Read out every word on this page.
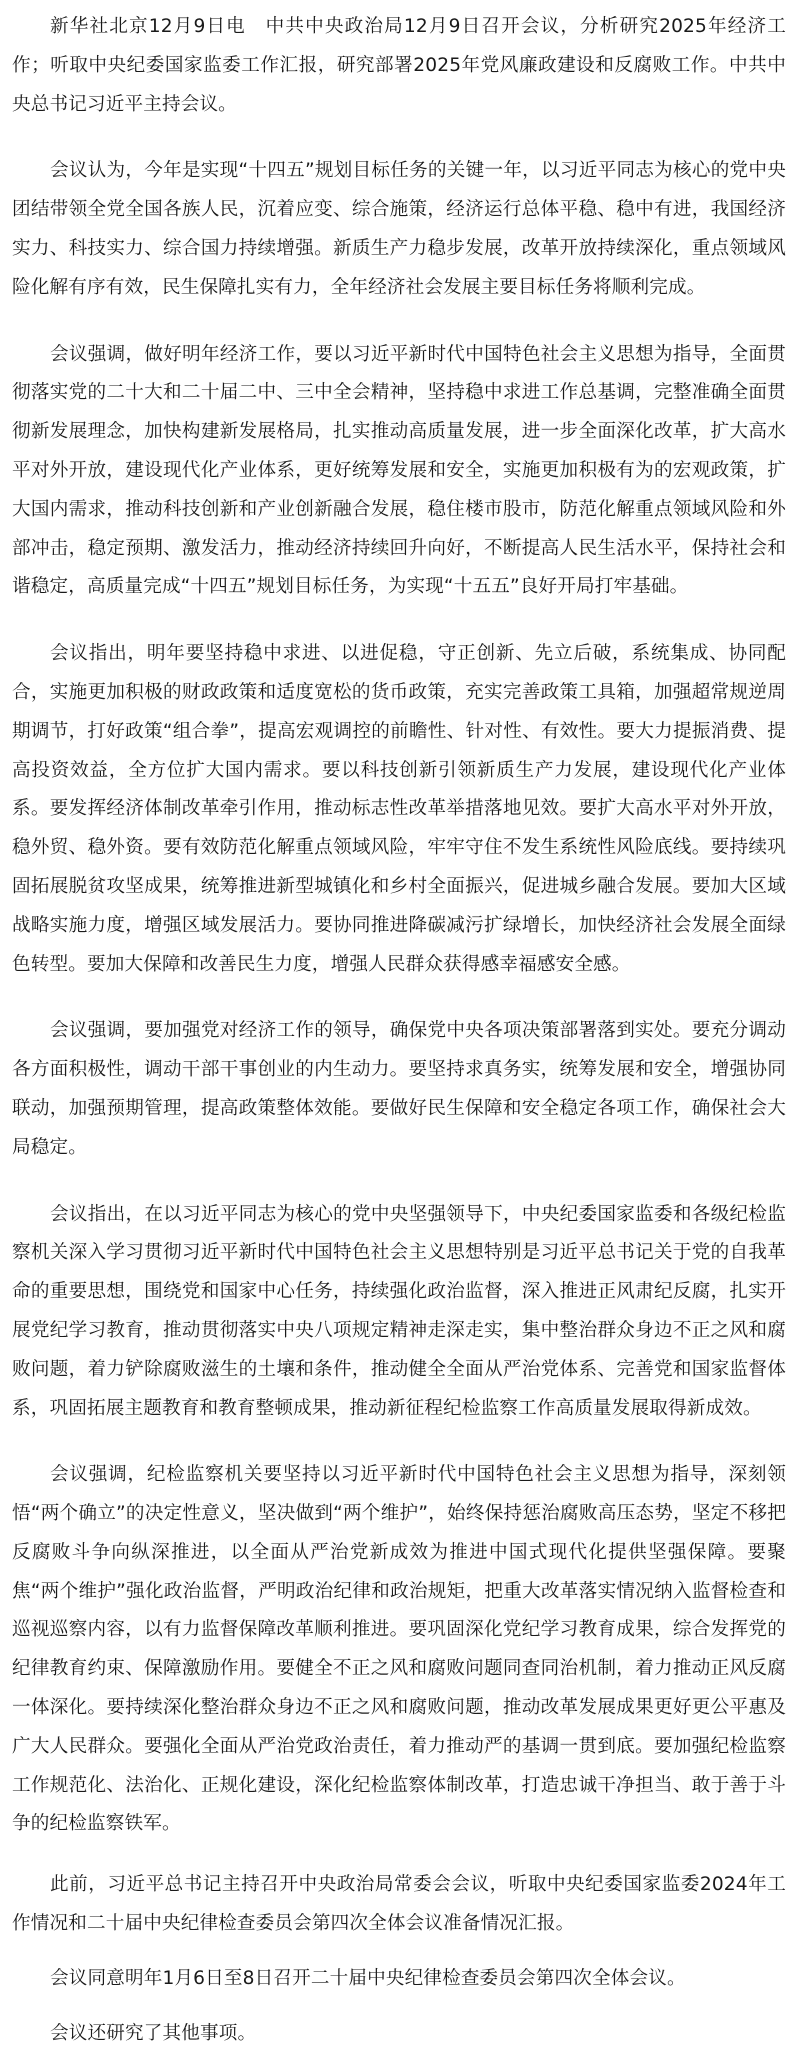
新华社北京12月9日电　中共中央政治局12月9日召开会议，分析研究2025年经济工作；听取中央纪委国家监委工作汇报，研究部署2025年党风廉政建设和反腐败工作。中共中央总书记习近平主持会议。

会议认为，今年是实现“十四五”规划目标任务的关键一年，以习近平同志为核心的党中央团结带领全党全国各族人民，沉着应变、综合施策，经济运行总体平稳、稳中有进，我国经济实力、科技实力、综合国力持续增强。新质生产力稳步发展，改革开放持续深化，重点领域风险化解有序有效，民生保障扎实有力，全年经济社会发展主要目标任务将顺利完成。

会议强调，做好明年经济工作，要以习近平新时代中国特色社会主义思想为指导，全面贯彻落实党的二十大和二十届二中、三中全会精神，坚持稳中求进工作总基调，完整准确全面贯彻新发展理念，加快构建新发展格局，扎实推动高质量发展，进一步全面深化改革，扩大高水平对外开放，建设现代化产业体系，更好统筹发展和安全，实施更加积极有为的宏观政策，扩大国内需求，推动科技创新和产业创新融合发展，稳住楼市股市，防范化解重点领域风险和外部冲击，稳定预期、激发活力，推动经济持续回升向好，不断提高人民生活水平，保持社会和谐稳定，高质量完成“十四五”规划目标任务，为实现“十五五”良好开局打牢基础。

会议指出，明年要坚持稳中求进、以进促稳，守正创新、先立后破，系统集成、协同配合，实施更加积极的财政政策和适度宽松的货币政策，充实完善政策工具箱，加强超常规逆周期调节，打好政策“组合拳”，提高宏观调控的前瞻性、针对性、有效性。要大力提振消费、提高投资效益，全方位扩大国内需求。要以科技创新引领新质生产力发展，建设现代化产业体系。要发挥经济体制改革牵引作用，推动标志性改革举措落地见效。要扩大高水平对外开放，稳外贸、稳外资。要有效防范化解重点领域风险，牢牢守住不发生系统性风险底线。要持续巩固拓展脱贫攻坚成果，统筹推进新型城镇化和乡村全面振兴，促进城乡融合发展。要加大区域战略实施力度，增强区域发展活力。要协同推进降碳减污扩绿增长，加快经济社会发展全面绿色转型。要加大保障和改善民生力度，增强人民群众获得感幸福感安全感。

会议强调，要加强党对经济工作的领导，确保党中央各项决策部署落到实处。要充分调动各方面积极性，调动干部干事创业的内生动力。要坚持求真务实，统筹发展和安全，增强协同联动，加强预期管理，提高政策整体效能。要做好民生保障和安全稳定各项工作，确保社会大局稳定。

会议指出，在以习近平同志为核心的党中央坚强领导下，中央纪委国家监委和各级纪检监察机关深入学习贯彻习近平新时代中国特色社会主义思想特别是习近平总书记关于党的自我革命的重要思想，围绕党和国家中心任务，持续强化政治监督，深入推进正风肃纪反腐，扎实开展党纪学习教育，推动贯彻落实中央八项规定精神走深走实，集中整治群众身边不正之风和腐败问题，着力铲除腐败滋生的土壤和条件，推动健全全面从严治党体系、完善党和国家监督体系，巩固拓展主题教育和教育整顿成果，推动新征程纪检监察工作高质量发展取得新成效。

会议强调，纪检监察机关要坚持以习近平新时代中国特色社会主义思想为指导，深刻领悟“两个确立”的决定性意义，坚决做到“两个维护”，始终保持惩治腐败高压态势，坚定不移把反腐败斗争向纵深推进，以全面从严治党新成效为推进中国式现代化提供坚强保障。要聚焦“两个维护”强化政治监督，严明政治纪律和政治规矩，把重大改革落实情况纳入监督检查和巡视巡察内容，以有力监督保障改革顺利推进。要巩固深化党纪学习教育成果，综合发挥党的纪律教育约束、保障激励作用。要健全不正之风和腐败问题同查同治机制，着力推动正风反腐一体深化。要持续深化整治群众身边不正之风和腐败问题，推动改革发展成果更好更公平惠及广大人民群众。要强化全面从严治党政治责任，着力推动严的基调一贯到底。要加强纪检监察工作规范化、法治化、正规化建设，深化纪检监察体制改革，打造忠诚干净担当、敢于善于斗争的纪检监察铁军。

此前，习近平总书记主持召开中央政治局常委会会议，听取中央纪委国家监委2024年工作情况和二十届中央纪律检查委员会第四次全体会议准备情况汇报。

会议同意明年1月6日至8日召开二十届中央纪律检查委员会第四次全体会议。

会议还研究了其他事项。
